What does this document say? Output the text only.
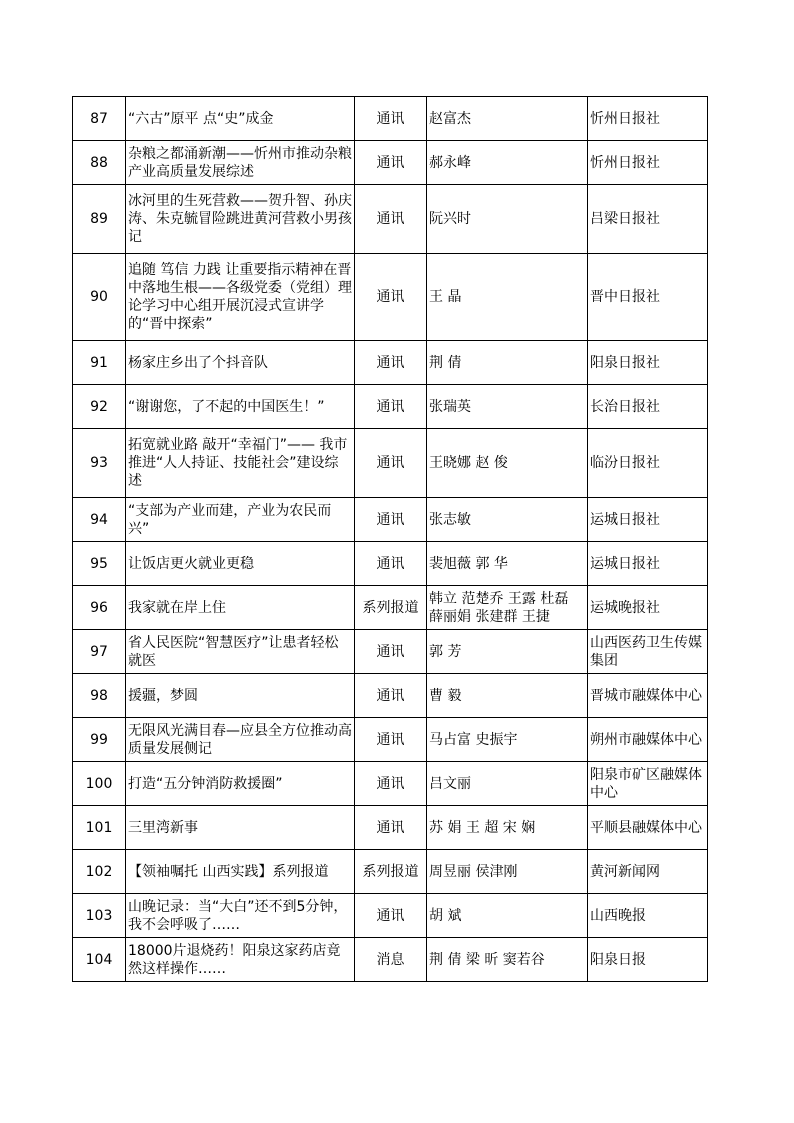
87	“六古”原平 点“史”成金	通讯	赵富杰	忻州日报社
88	杂粮之都涌新潮——忻州市推动杂粮产业高质量发展综述	通讯	郝永峰	忻州日报社
89	冰河里的生死营救——贺升智、孙庆涛、朱克毓冒险跳进黄河营救小男孩记	通讯	阮兴时	吕梁日报社
90	追随 笃信 力践 让重要指示精神在晋中落地生根——各级党委（党组）理论学习中心组开展沉浸式宣讲学的“晋中探索”	通讯	王 晶	晋中日报社
91	杨家庄乡出了个抖音队	通讯	荆 倩	阳泉日报社
92	“谢谢您，了不起的中国医生！”	通讯	张瑞英	长治日报社
93	拓宽就业路 敲开“幸福门”—— 我市推进“人人持证、技能社会”建设综述	通讯	王晓娜 赵 俊	临汾日报社
94	“支部为产业而建，产业为农民而兴”	通讯	张志敏	运城日报社
95	让饭店更火就业更稳	通讯	裴旭薇 郭 华	运城日报社
96	我家就在岸上住	系列报道	韩立 范楚乔 王露 杜磊 薛丽娟 张建群 王捷	运城晚报社
97	省人民医院“智慧医疗”让患者轻松就医	通讯	郭 芳	山西医药卫生传媒集团
98	援疆，梦圆	通讯	曹 毅	晋城市融媒体中心
99	无限风光满目春—应县全方位推动高质量发展侧记	通讯	马占富 史振宇	朔州市融媒体中心
100	打造“五分钟消防救援圈”	通讯	吕文丽	阳泉市矿区融媒体中心
101	三里湾新事	通讯	苏 娟 王 超 宋 娴	平顺县融媒体中心
102	【领袖嘱托 山西实践】系列报道	系列报道	周昱丽 侯津刚	黄河新闻网
103	山晚记录：当“大白”还不到5分钟，我不会呼吸了……	通讯	胡 斌	山西晚报
104	18000片退烧药！阳泉这家药店竟然这样操作……	消息	荆 倩 梁 昕 窦若谷	阳泉日报
